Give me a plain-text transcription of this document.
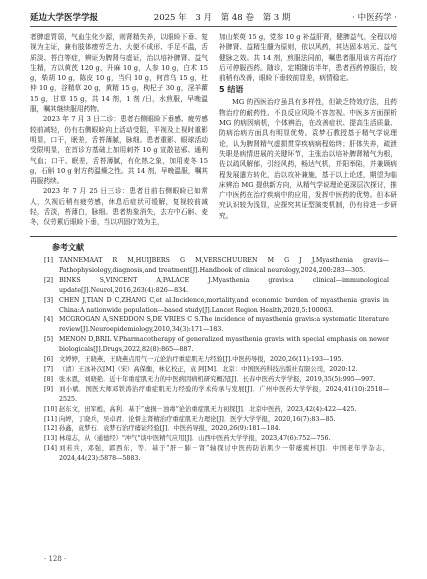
延边大学医学学报	2025 年 3 月 第 48 卷 第 3 期	· 中医药学 ·

者脾虚胃弱，气血生化少源，则肾精失养，以眼睑下垂、复视为主证，兼有肢体痿劳乏力、大便不成形、手足不温，舌质淡、苔白等症，辨证为脾肾与虚证，治以培补脾肾、益气生精，方以黄芪 120 g，升麻 10 g，人参 10 g，白术 15 g，柴胡 10 g，陈皮 10 g，当归 10 g，何首乌 15 g，杜仲 10 g，谷精草 20 g，黄精 15 g，枸杞子 30 g，淫羊藿 15 g，甘草 15 g，共 14 剂，1 剂 /日，水煎服，早晚温服，嘱其继续服用药物。

2023 年 7 月 3 日二诊：患者右侧眼睑下垂感、疲劳感较前减轻，仍有右侧眼睑向上活动受阻，平视及上视时重影明显，口干，眠差，舌苔薄腻，脉细。患者重影、眼球活动受限明显，在首诊方基础上加用刺芥 10 g 宣散祛邪、通利气血；口干、眠差，舌苔薄腻，有化热之象，加用麦冬 15 g，石斛 10 g 射方药温燥之性。共 14 剂，早晚温服，嘱其再服药续。

2023 年 7 月 25 日三诊：患者目前右侧眼睑已如常人，久视后稍有疲劳感，休息后症状可缓解，复视较前减轻，舌淡，苔薄白，脉细。患者热象消失，去方中石斛、麦冬，仅劳累后眼睑下垂，当以巩固疗效为主，

加山茱萸 15 g，党参 10 g 补益肝肾，健脾益气。全程以培补脾肾、益精生髓为原则，依以风药，其达固本培元、益气健脉之效。共 14 剂，煎服法同前，嘱患者服用该方再治疗后可停服西药。随诊，定期随访半年，患者西药停服后，较前稍有改善，眼睑下垂较前显差，病情稳定。

5 结语

MG 的西医治疗虽具有多样性，但缺乏特效疗法，且药物治疗的耐药性、不良反应风险不容忽视。中医多方面探析 MG 的病因病机，个体辨治，在改善症状、提高生活质量、防病治病方面具有明显优势。袁梦石教授基于精气学说理论，认为脾肾精气虚损贯穿疾病病程始终；肝体失养，疏泄失职是病情进展的关键环节，主张治以培补脾肾精气为根，佐以疏风解郁，引经风药，畅达气机，并阳举陷，并兼顾病程发展遣方转化，治以攻补兼施，基于以上论述，期望为临床辨治 MG 提供新方向，从精气学说理论更深层次探讨，推广中医药在治疗疾病中的应用，发挥中医药的优势。但本研究认识较为浅显，应探究其证型演变机制，仍有待进一步研究。

参考文献
[1] TANNEMAAT R M,HUIJBERS G M,VERSCHUUREN M G J J.Myasthenia gravis—Pathophysiology,diagnosis,and treatment[J].Handbook of clinical neurology,2024,200:283—305.
[2] BINKS S,VINCENT A,PALACE J.Myasthenia gravis:a clinical—immunological update[J].Neurol,2016,263(4):826—834.
[3] CHEN J,TIAN D C,ZHANG C,et al.Incidence,mortality,and economic burden of myasthenia gravis in China:A nationwide population—based study[J].Lancet Region Health,2020,5:100063.
[4] MCGROGAN A,SNEDDON S,DE VRIES C S.The incidence of myasthenia gravis:a systematic literature review[J].Neuroepidemiology,2010,34(3):171—183.
[5] MENON D,BRIL V.Pharmacotherapy of generalized myasthenia gravis with special emphasis on newer biologicals[J].Drugs,2022,82(8):865—887.
[6] 文婷婷，王晓燕，王晓燕点用气一元论治疗重症肌无力经验[J].中医药导报，2020,26(11):193—195.
[7] （清）王冰补次[M]（宋）高保衡，林亿校正，袁 阿[M]．北京：中国医药科技出版社有限公司，2020:12.
[8] 张永恩，刘晓艳．近十年重症肌无力的中医病因病机研究概况[J]．长春中医药大学学报，2019,35(5):995—997.
[9] 刘小斌．国医大师邓铁涛治疗重症肌无力经验的学术传承与发展[J]．广州中医药大学学报，2024,41(10):2518—2525.
[10] 赵东文，田军彪，高利．基于“虚损－浊毒”论治重症肌无力初探[J]．北京中医药，2023,42(4):422—425.
[11] 向婷，丁晓兵，吴卓君．论督主肾精治疗重症肌无力理论[J]．医学大学学报，2020,16(7):83—85.
[12] 孙鑫，袁梦石．袁梦石治疗痿证经验[J]．中医药导报，2020,26(9):181—184.
[13] 林琼志，从（通德经）"冲气"谈中医精气应用[J]．山西中医药大学学报，2023,47(6):752—756.
[14] 刘若兵，邓强，郭西东，等．基于“肝－肺－肾”轴探讨中医药防治肌少一带痿疲杯[J]．中国老年学杂志，2024,44(23):5878—5883.
· 128 ·
